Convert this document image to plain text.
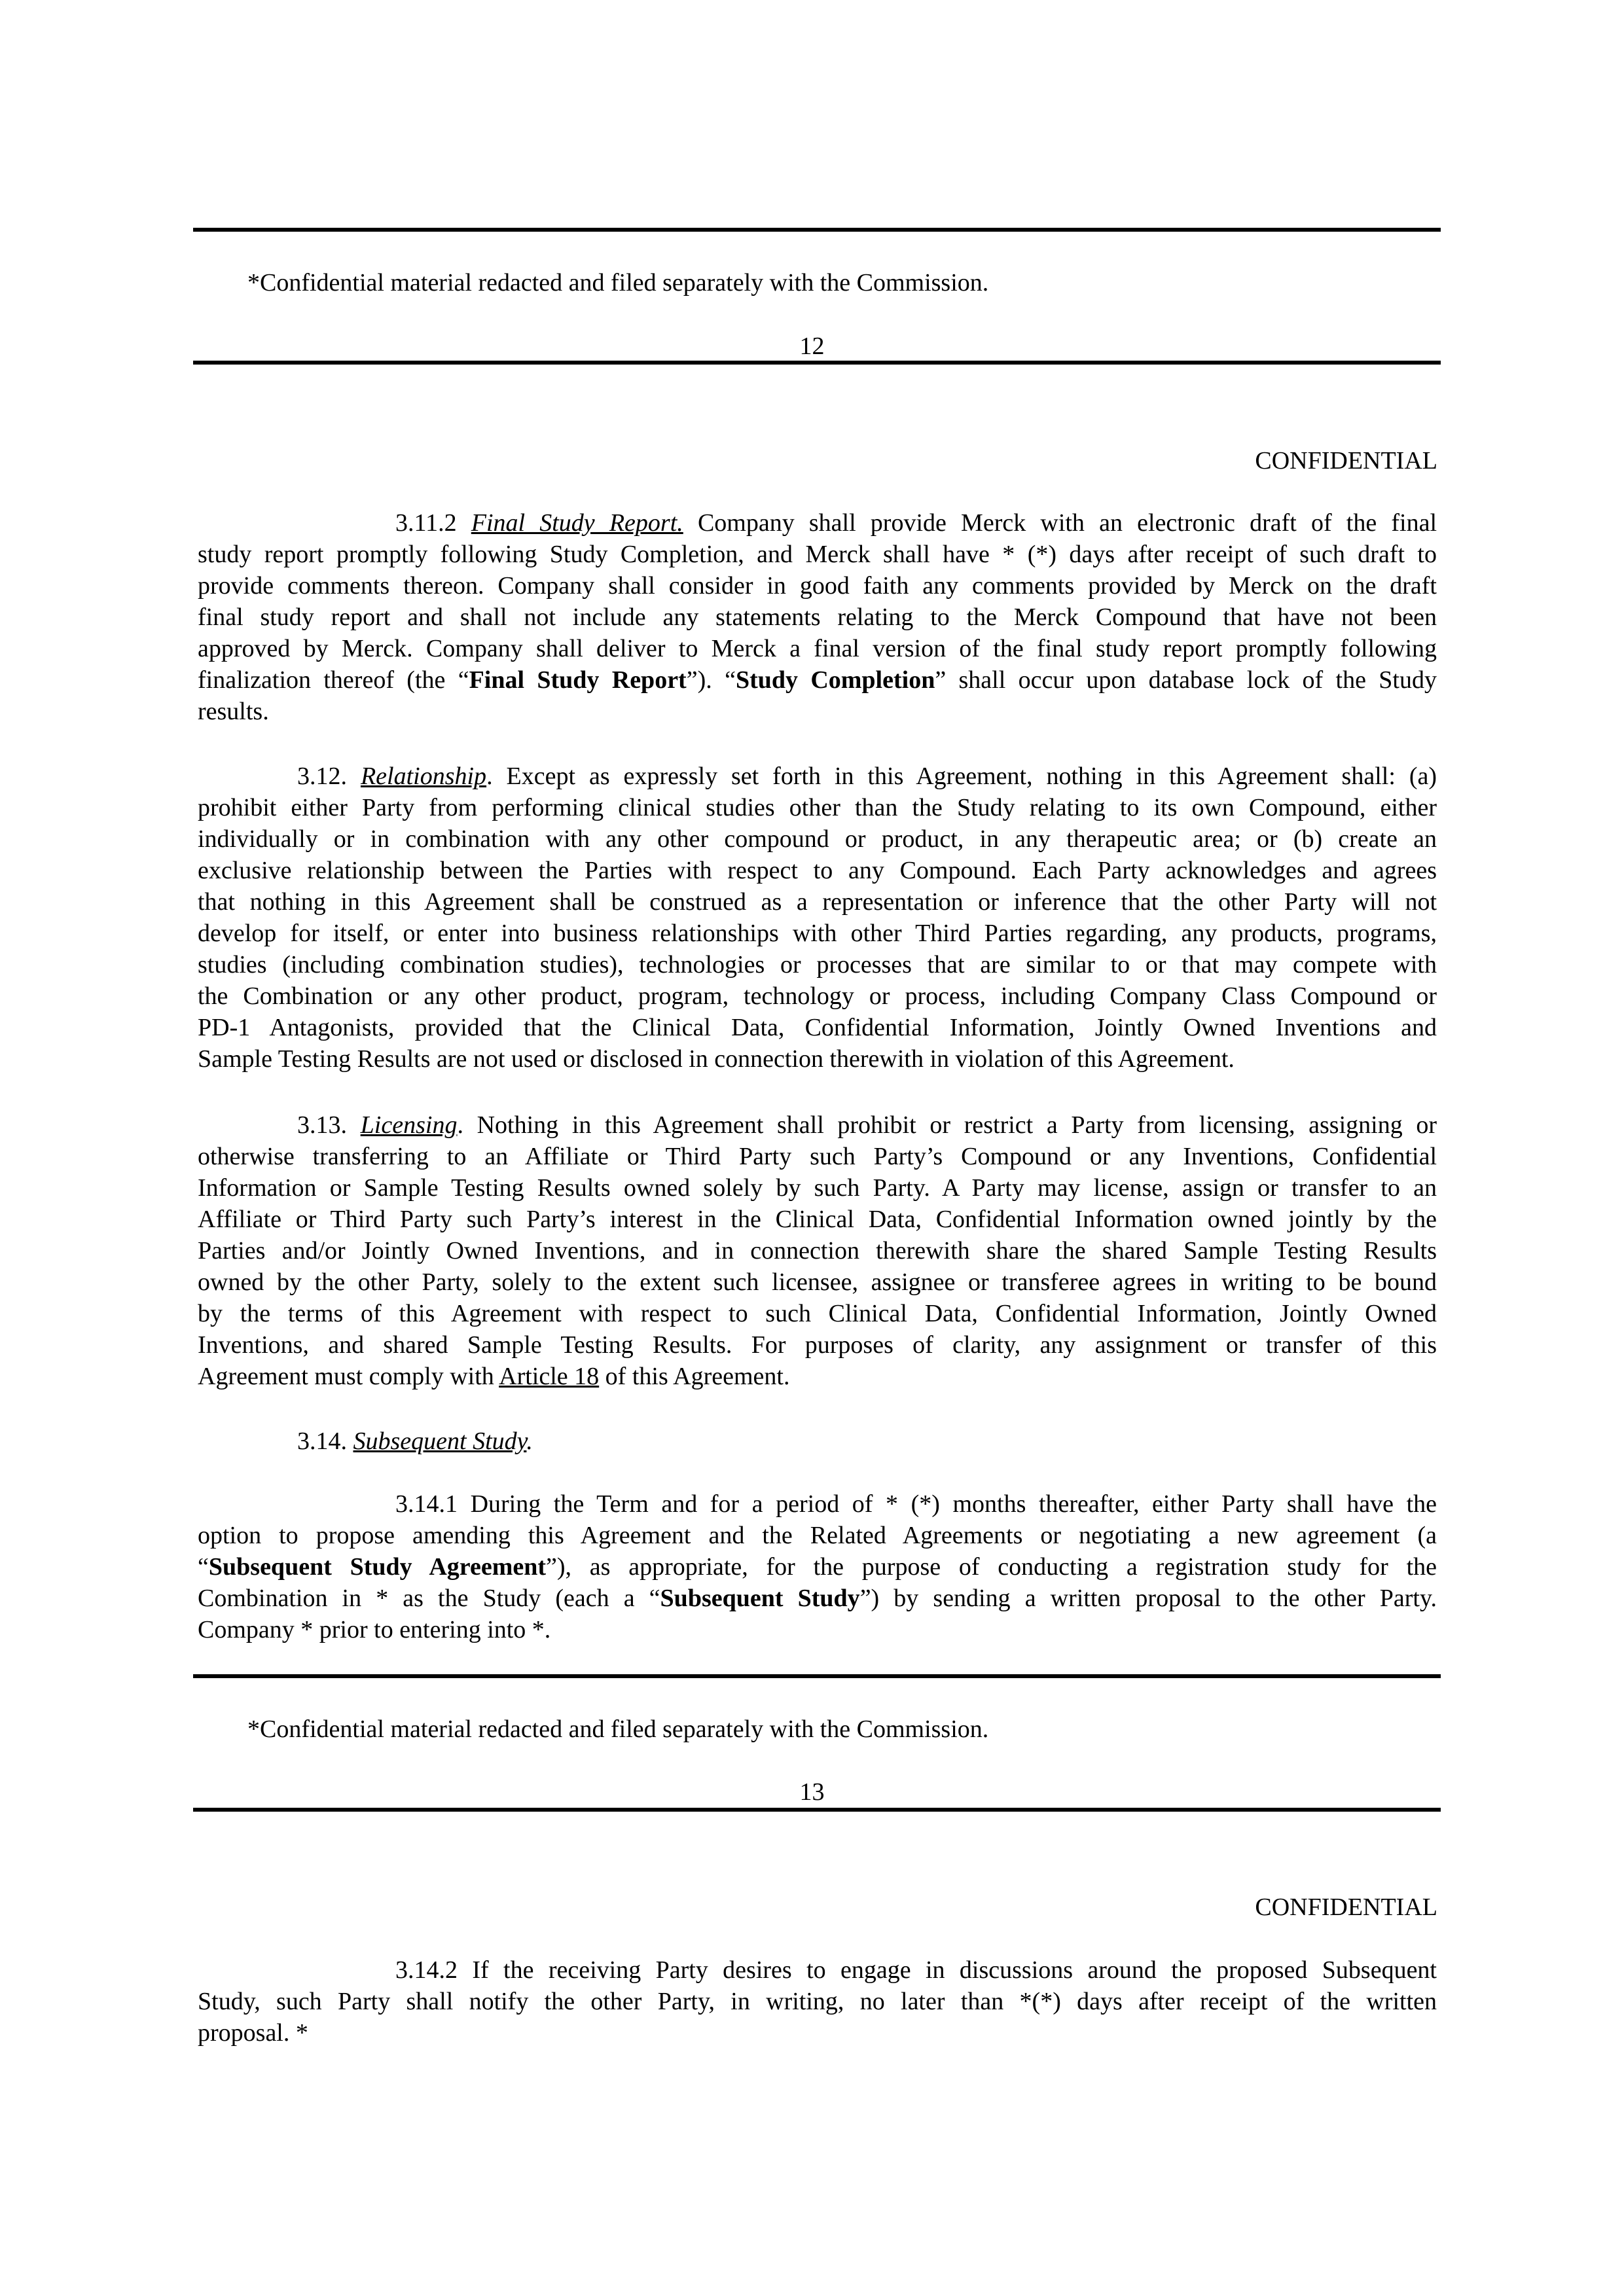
*Confidential material redacted and filed separately with the Commission.
12
CONFIDENTIAL
3.11.2 Final Study Report. Company shall provide Merck with an electronic draft of the final
study report promptly following Study Completion, and Merck shall have * (*) days after receipt of such draft to
provide comments thereon. Company shall consider in good faith any comments provided by Merck on the draft
final study report and shall not include any statements relating to the Merck Compound that have not been
approved by Merck. Company shall deliver to Merck a final version of the final study report promptly following
finalization thereof (the “Final Study Report”). “Study Completion” shall occur upon database lock of the Study
results.
3.12. Relationship. Except as expressly set forth in this Agreement, nothing in this Agreement shall: (a)
prohibit either Party from performing clinical studies other than the Study relating to its own Compound, either
individually or in combination with any other compound or product, in any therapeutic area; or (b) create an
exclusive relationship between the Parties with respect to any Compound. Each Party acknowledges and agrees
that nothing in this Agreement shall be construed as a representation or inference that the other Party will not
develop for itself, or enter into business relationships with other Third Parties regarding, any products, programs,
studies (including combination studies), technologies or processes that are similar to or that may compete with
the Combination or any other product, program, technology or process, including Company Class Compound or
PD-1 Antagonists, provided that the Clinical Data, Confidential Information, Jointly Owned Inventions and
Sample Testing Results are not used or disclosed in connection therewith in violation of this Agreement.
3.13. Licensing. Nothing in this Agreement shall prohibit or restrict a Party from licensing, assigning or
otherwise transferring to an Affiliate or Third Party such Party’s Compound or any Inventions, Confidential
Information or Sample Testing Results owned solely by such Party. A Party may license, assign or transfer to an
Affiliate or Third Party such Party’s interest in the Clinical Data, Confidential Information owned jointly by the
Parties and/or Jointly Owned Inventions, and in connection therewith share the shared Sample Testing Results
owned by the other Party, solely to the extent such licensee, assignee or transferee agrees in writing to be bound
by the terms of this Agreement with respect to such Clinical Data, Confidential Information, Jointly Owned
Inventions, and shared Sample Testing Results. For purposes of clarity, any assignment or transfer of this
Agreement must comply with Article 18 of this Agreement.
3.14. Subsequent Study.
3.14.1 During the Term and for a period of * (*) months thereafter, either Party shall have the
option to propose amending this Agreement and the Related Agreements or negotiating a new agreement (a
“Subsequent Study Agreement”), as appropriate, for the purpose of conducting a registration study for the
Combination in * as the Study (each a “Subsequent Study”) by sending a written proposal to the other Party.
Company * prior to entering into *.
*Confidential material redacted and filed separately with the Commission.
13
CONFIDENTIAL
3.14.2 If the receiving Party desires to engage in discussions around the proposed Subsequent
Study, such Party shall notify the other Party, in writing, no later than *(*) days after receipt of the written
proposal. *
